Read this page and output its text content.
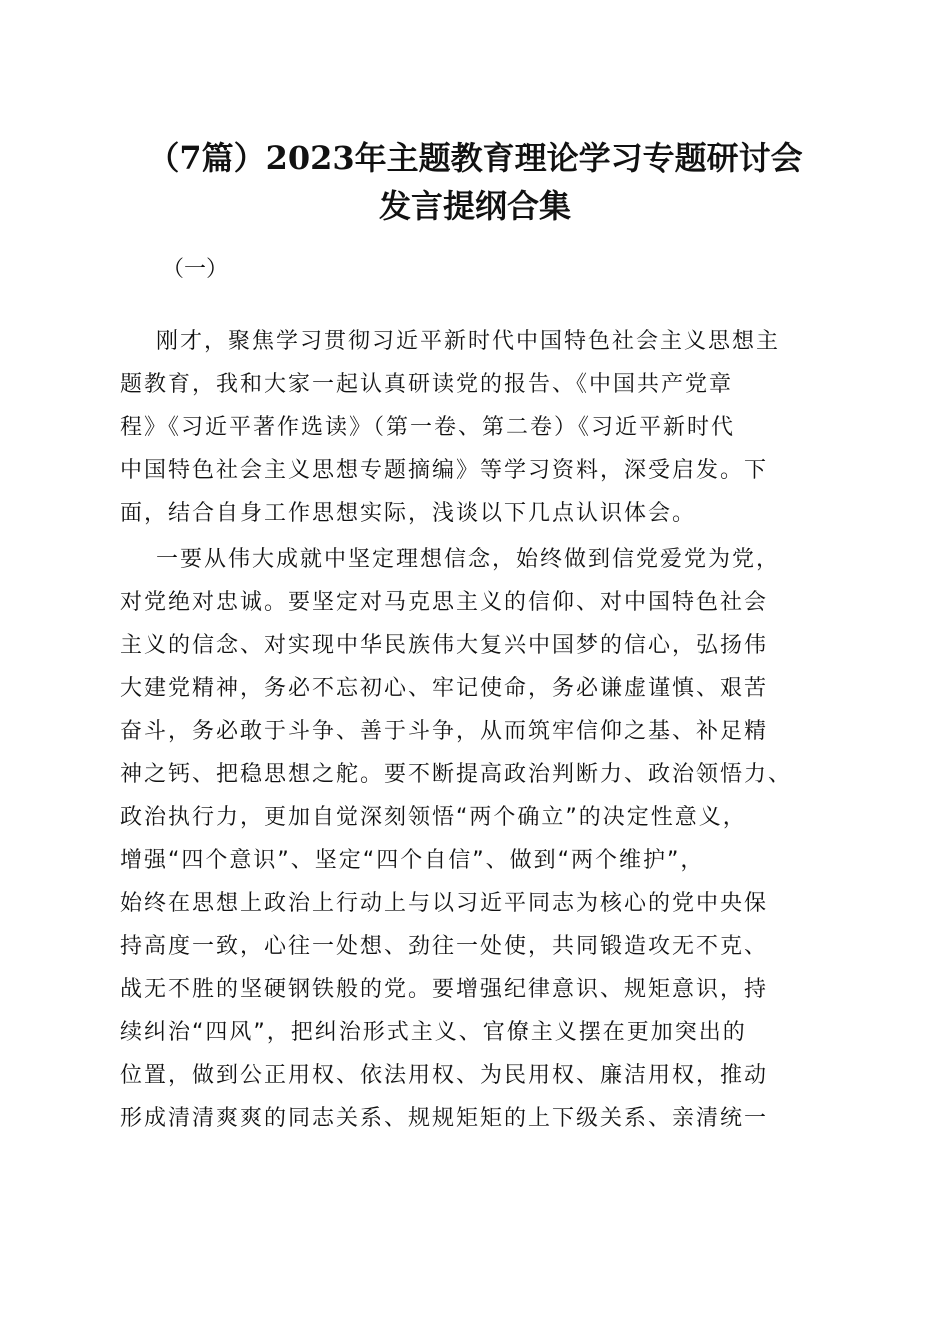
（7篇）2023年主题教育理论学习专题研讨会
发言提纲合集
（一）
刚才，聚焦学习贯彻习近平新时代中国特色社会主义思想主
题教育，我和大家一起认真研读党的报告、《中国共产党章
程》《习近平著作选读》（第一卷、第二卷）《习近平新时代
中国特色社会主义思想专题摘编》等学习资料，深受启发。下
面，结合自身工作思想实际，浅谈以下几点认识体会。
一要从伟大成就中坚定理想信念，始终做到信党爱党为党，
对党绝对忠诚。要坚定对马克思主义的信仰、对中国特色社会
主义的信念、对实现中华民族伟大复兴中国梦的信心，弘扬伟
大建党精神，务必不忘初心、牢记使命，务必谦虚谨慎、艰苦
奋斗，务必敢于斗争、善于斗争，从而筑牢信仰之基、补足精
神之钙、把稳思想之舵。要不断提高政治判断力、政治领悟力、
政治执行力，更加自觉深刻领悟“两个确立”的决定性意义，
增强“四个意识”、坚定“四个自信”、做到“两个维护”，
始终在思想上政治上行动上与以习近平同志为核心的党中央保
持高度一致，心往一处想、劲往一处使，共同锻造攻无不克、
战无不胜的坚硬钢铁般的党。要增强纪律意识、规矩意识，持
续纠治“四风”，把纠治形式主义、官僚主义摆在更加突出的
位置，做到公正用权、依法用权、为民用权、廉洁用权，推动
形成清清爽爽的同志关系、规规矩矩的上下级关系、亲清统一
